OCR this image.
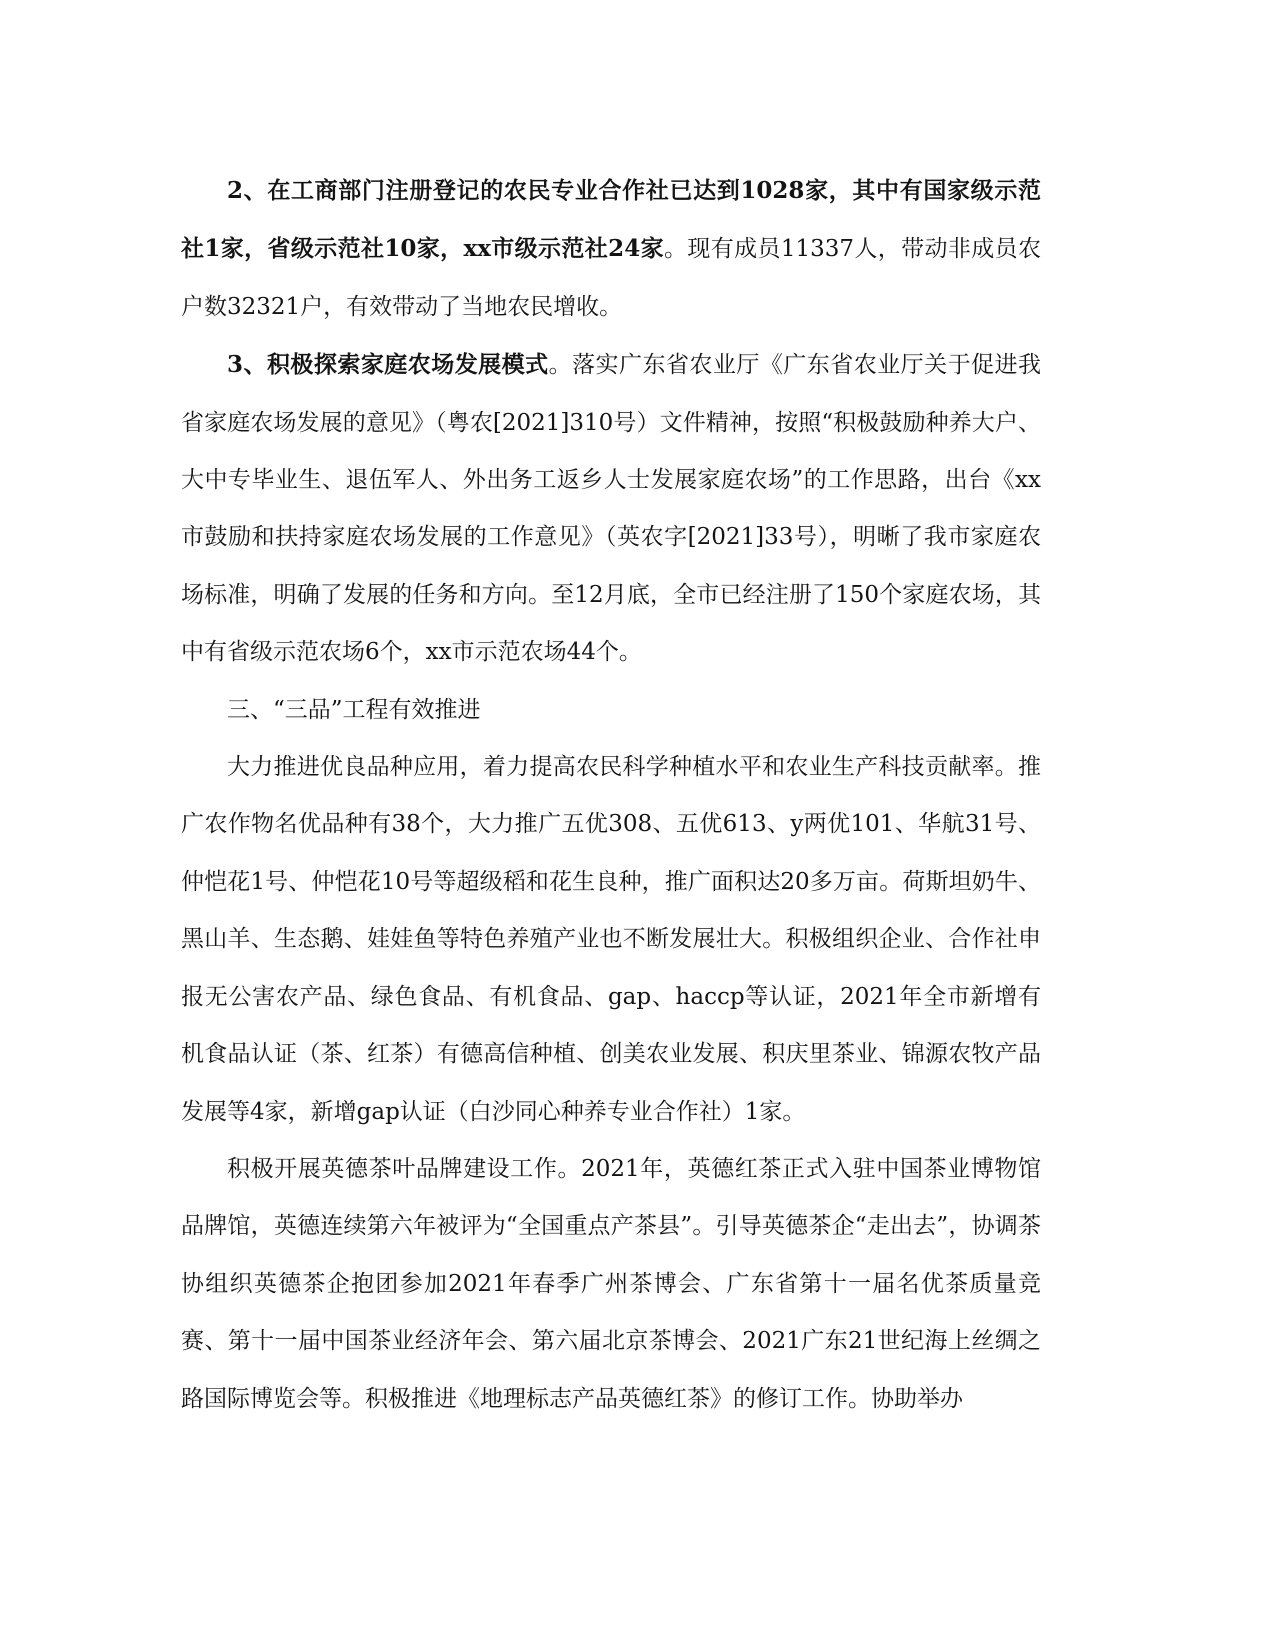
2、在工商部门注册登记的农民专业合作社已达到1028家，其中有国家级示范社1家，省级示范社10家，xx市级示范社24家。现有成员11337人，带动非成员农户数32321户，有效带动了当地农民增收。

3、积极探索家庭农场发展模式。落实广东省农业厅《广东省农业厅关于促进我省家庭农场发展的意见》（粤农[2021]310号）文件精神，按照“积极鼓励种养大户、大中专毕业生、退伍军人、外出务工返乡人士发展家庭农场”的工作思路，出台《xx市鼓励和扶持家庭农场发展的工作意见》（英农字[2021]33号），明晰了我市家庭农场标准，明确了发展的任务和方向。至12月底，全市已经注册了150个家庭农场，其中有省级示范农场6个，xx市示范农场44个。

三、“三品”工程有效推进

大力推进优良品种应用，着力提高农民科学种植水平和农业生产科技贡献率。推广农作物名优品种有38个，大力推广五优308、五优613、y两优101、华航31号、仲恺花1号、仲恺花10号等超级稻和花生良种，推广面积达20多万亩。荷斯坦奶牛、黑山羊、生态鹅、娃娃鱼等特色养殖产业也不断发展壮大。积极组织企业、合作社申报无公害农产品、绿色食品、有机食品、gap、haccp等认证，2021年全市新增有机食品认证（茶、红茶）有德高信种植、创美农业发展、积庆里茶业、锦源农牧产品发展等4家，新增gap认证（白沙同心种养专业合作社）1家。

积极开展英德茶叶品牌建设工作。2021年，英德红茶正式入驻中国茶业博物馆品牌馆，英德连续第六年被评为“全国重点产茶县”。引导英德茶企“走出去”，协调茶协组织英德茶企抱团参加2021年春季广州茶博会、广东省第十一届名优茶质量竞赛、第十一届中国茶业经济年会、第六届北京茶博会、2021广东21世纪海上丝绸之路国际博览会等。积极推进《地理标志产品英德红茶》的修订工作。协助举办
